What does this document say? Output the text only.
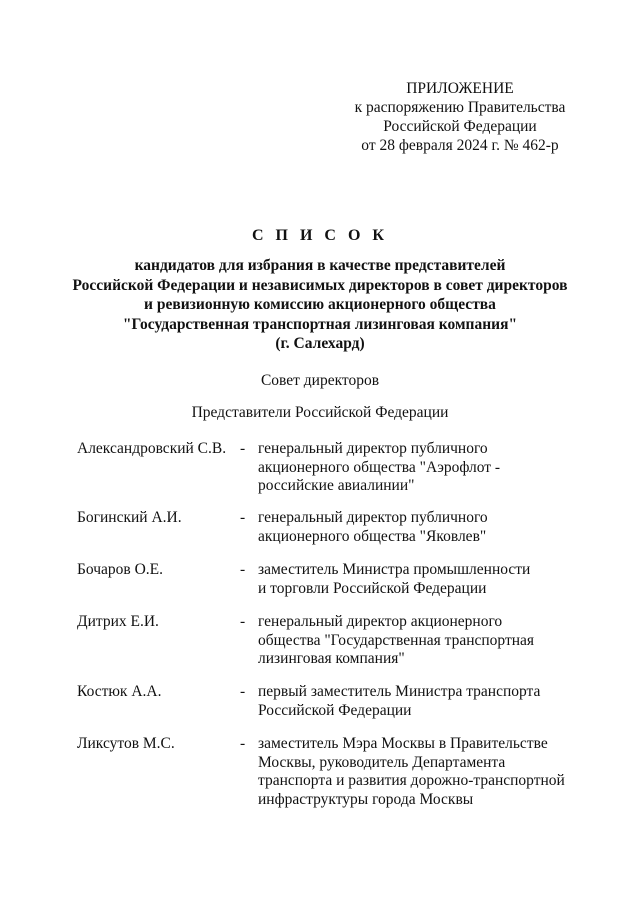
ПРИЛОЖЕНИЕ
к распоряжению Правительства
Российской Федерации
от 28 февраля 2024 г. № 462-р
С П И С О К
кандидатов для избрания в качестве представителей
Российской Федерации и независимых директоров в совет директоров
и ревизионную комиссию акционерного общества
"Государственная транспортная лизинговая компания"
(г. Салехард)
Совет директоров
Представители Российской Федерации
Александровский С.В. - генеральный директор публичного
акционерного общества "Аэрофлот -
российские авиалинии"
Богинский А.И.	- генеральный директор публичного
акционерного общества "Яковлев"
Бочаров О.Е.	- заместитель Министра промышленности
и торговли Российской Федерации
Дитрих Е.И.	- генеральный директор акционерного
общества "Государственная транспортная
лизинговая компания"
Костюк А.А.	- первый заместитель Министра транспорта
Российской Федерации
Ликсутов М.С.	- заместитель Мэра Москвы в Правительстве
Москвы, руководитель Департамента
транспорта и развития дорожно-транспортной
инфраструктуры города Москвы
